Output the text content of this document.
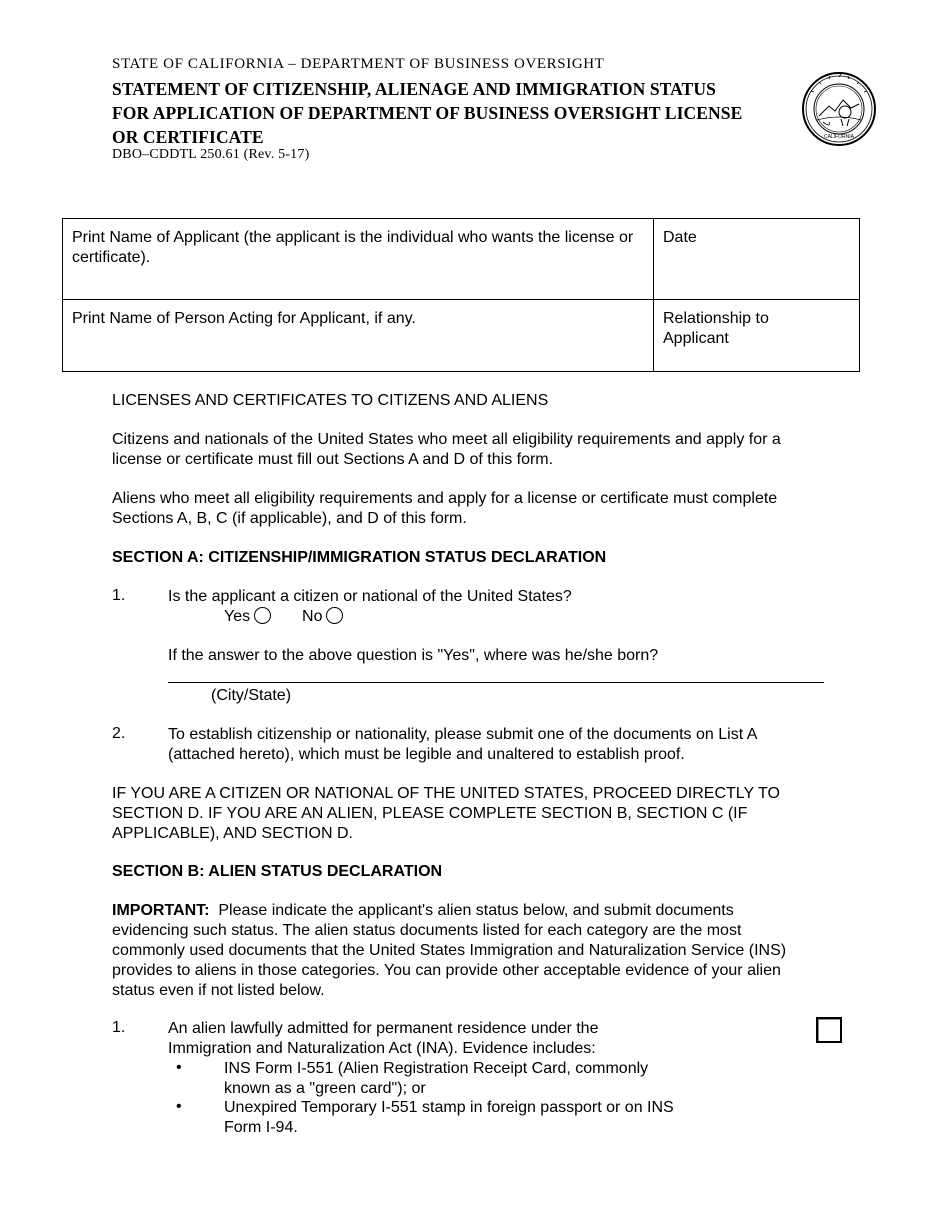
STATE OF CALIFORNIA – DEPARTMENT OF BUSINESS OVERSIGHT
STATEMENT OF CITIZENSHIP, ALIENAGE AND IMMIGRATION STATUS
FOR APPLICATION OF DEPARTMENT OF BUSINESS OVERSIGHT LICENSE
OR CERTIFICATE
DBO–CDDTL 250.61 (Rev. 5-17)
CALIFORNIA
Print Name of Applicant (the applicant is the individual who wants the license or certificate).	Date
Print Name of Person Acting for Applicant, if any.	Relationship to
Applicant
LICENSES AND CERTIFICATES TO CITIZENS AND ALIENS
Citizens and nationals of the United States who meet all eligibility requirements and apply for a
license or certificate must fill out Sections A and D of this form.
Aliens who meet all eligibility requirements and apply for a license or certificate must complete
Sections A, B, C (if applicable), and D of this form.
SECTION A: CITIZENSHIP/IMMIGRATION STATUS DECLARATION
1.	Is the applicant a citizen or national of the United States?
Yes	No
If the answer to the above question is "Yes", where was he/she born?
(City/State)
2.	To establish citizenship or nationality, please submit one of the documents on List A
(attached hereto), which must be legible and unaltered to establish proof.
IF YOU ARE A CITIZEN OR NATIONAL OF THE UNITED STATES, PROCEED DIRECTLY TO
SECTION D. IF YOU ARE AN ALIEN, PLEASE COMPLETE SECTION B, SECTION C (IF
APPLICABLE), AND SECTION D.
SECTION B: ALIEN STATUS DECLARATION
IMPORTANT:  Please indicate the applicant's alien status below, and submit documents
evidencing such status. The alien status documents listed for each category are the most
commonly used documents that the United States Immigration and Naturalization Service (INS)
provides to aliens in those categories. You can provide other acceptable evidence of your alien
status even if not listed below.
1.	An alien lawfully admitted for permanent residence under the
Immigration and Naturalization Act (INA). Evidence includes:
•	INS Form I-551 (Alien Registration Receipt Card, commonly
known as a "green card"); or
•	Unexpired Temporary I-551 stamp in foreign passport or on INS
Form I-94.
